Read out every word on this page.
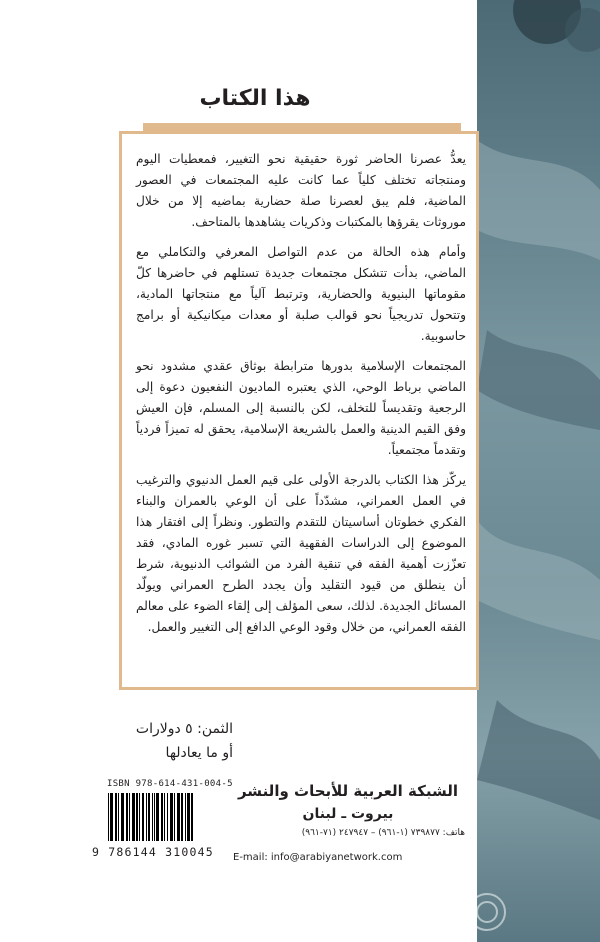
هذا الكتاب

يعدُّ عصرنا الحاضر ثورة حقيقية نحو التغيير، فمعطيات اليوم ومنتجاته تختلف كلياً عما كانت عليه المجتمعات في العصور الماضية، فلم يبق لعصرنا صلة حضارية بماضيه إلا من خلال موروثات يقرؤها بالمكتبات وذكريات يشاهدها بالمتاحف.

وأمام هذه الحالة من عدم التواصل المعرفي والتكاملي مع الماضي، بدأت تتشكل مجتمعات جديدة تستلهم في حاضرها كلّ مقوماتها البنيوية والحضارية، وترتبط آلياً مع منتجاتها المادية، وتتحول تدريجياً نحو قوالب صلبة أو معدات ميكانيكية أو برامج حاسوبية.

المجتمعات الإسلامية بدورها مترابطة بوثاق عقدي مشدود نحو الماضي برباط الوحي، الذي يعتبره الماديون النفعيون دعوة إلى الرجعية وتقديساً للتخلف، لكن بالنسبة إلى المسلم، فإن العيش وفق القيم الدينية والعمل بالشريعة الإسلامية، يحقق له تميزاً فردياً وتقدماً مجتمعياً.

يركّز هذا الكتاب بالدرجة الأولى على قيم العمل الدنيوي والترغيب في العمل العمراني، مشدّداً على أن الوعي بالعمران والبناء الفكري خطوتان أساسيتان للتقدم والتطور. ونظراً إلى افتقار هذا الموضوع إلى الدراسات الفقهية التي تسبر غوره المادي، فقد تعزّزت أهمية الفقه في تنقية الفرد من الشوائب الدنيوية، شرط أن ينطلق من قيود التقليد وأن يجدد الطرح العمراني ويولّد المسائل الجديدة. لذلك، سعى المؤلف إلى إلقاء الضوء على معالم الفقه العمراني، من خلال وقود الوعي الدافع إلى التغيير والعمل.

الثمن: ٥ دولارات
أو ما يعادلها
الشبكة العربية للأبحاث والنشر
بيروت ـ لبنان
هاتف: ٧٣٩٨٧٧ (١-٩٦١) – ٢٤٧٩٤٧ (٧١-٩٦١)
E-mail: info@arabiyanetwork.com
ISBN 978-614-431-004-5
9 786144 310045
